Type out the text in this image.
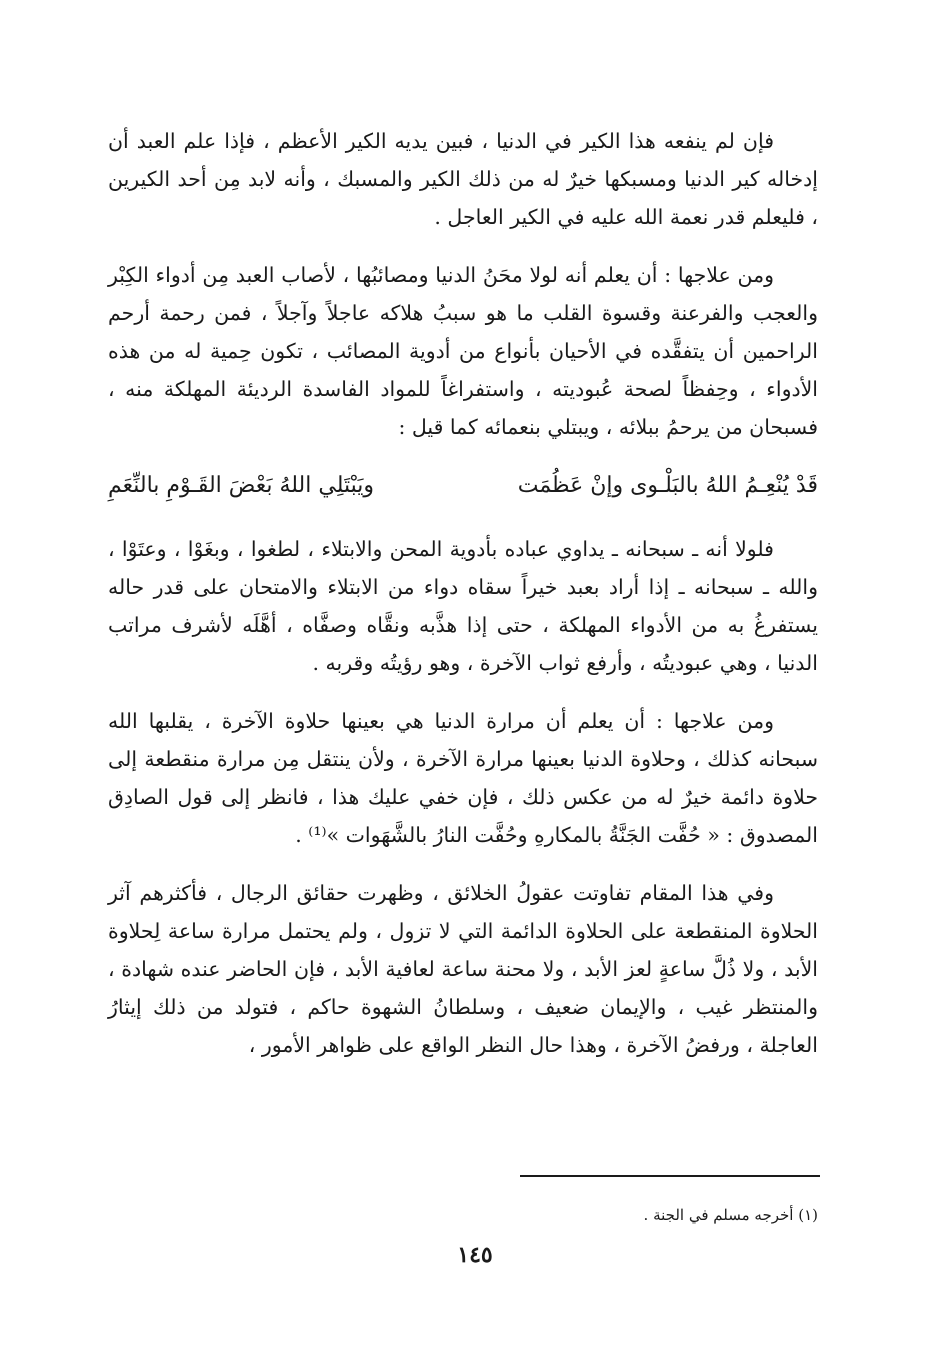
فإن لم ينفعه هذا الكير في الدنيا ، فبين يديه الكير الأعظم ، فإذا علم العبد أن إدخاله كير الدنيا ومسبكها خيرٌ له من ذلك الكير والمسبك ، وأنه لابد مِن أحد الكيرين ، فليعلم قدر نعمة الله عليه في الكير العاجل .

ومن علاجها : أن يعلم أنه لولا محَنُ الدنيا ومصائبُها ، لأصاب العبد مِن أدواء الكِبْر والعجب والفرعنة وقسوة القلب ما هو سببُ هلاكه عاجلاً وآجلاً ، فمن رحمة أرحم الراحمين أن يتفقَّده في الأحيان بأنواع من أدوية المصائب ، تكون حِمية له من هذه الأدواء ، وحِفظاً لصحة عُبوديته ، واستفراغاً للمواد الفاسدة الرديئة المهلكة منه ، فسبحان من يرحمُ ببلائه ، ويبتلي بنعمائه كما قيل :

قَدْ يُنْعِـمُ اللهُ بالبَلْـوى وإنْ عَظُمَت
ويَبْتَلِي اللهُ بَعْضَ القَـوْمِ بالنِّعَمِ

فلولا أنه ـ سبحانه ـ يداوي عباده بأدوية المحن والابتلاء ، لطغوا ، وبغَوْا ، وعتَوْا ، والله ـ سبحانه ـ إذا أراد بعبد خيراً سقاه دواء من الابتلاء والامتحان على قدر حاله يستفرغُ به من الأدواء المهلكة ، حتى إذا هذَّبه ونقَّاه وصفَّاه ، أهَّلَه لأشرف مراتب الدنيا ، وهي عبوديتُه ، وأرفع ثواب الآخرة ، وهو رؤيتُه وقربه .

ومن علاجها : أن يعلم أن مرارة الدنيا هي بعينها حلاوة الآخرة ، يقلبها الله سبحانه كذلك ، وحلاوة الدنيا بعينها مرارة الآخرة ، ولأن ينتقل مِن مرارة منقطعة إلى حلاوة دائمة خيرٌ له من عكس ذلك ، فإن خفي عليك هذا ، فانظر إلى قول الصادِق المصدوق : « حُفَّت الجَنَّةُ بالمكارهِ وحُفَّت النارُ بالشَّهَوات »⁽¹⁾ .

وفي هذا المقام تفاوتت عقولُ الخلائق ، وظهرت حقائق الرجال ، فأكثرهم آثر الحلاوة المنقطعة على الحلاوة الدائمة التي لا تزول ، ولم يحتمل مرارة ساعة لِحلاوة الأبد ، ولا ذُلَّ ساعةٍ لعز الأبد ، ولا محنة ساعة لعافية الأبد ، فإن الحاضر عنده شهادة ، والمنتظر غيب ، والإيمان ضعيف ، وسلطانُ الشهوة حاكم ، فتولد من ذلك إيثارُ العاجلة ، ورفضُ الآخرة ، وهذا حال النظر الواقع على ظواهر الأمور ،

(١) أخرجه مسلم في الجنة .
١٤٥
